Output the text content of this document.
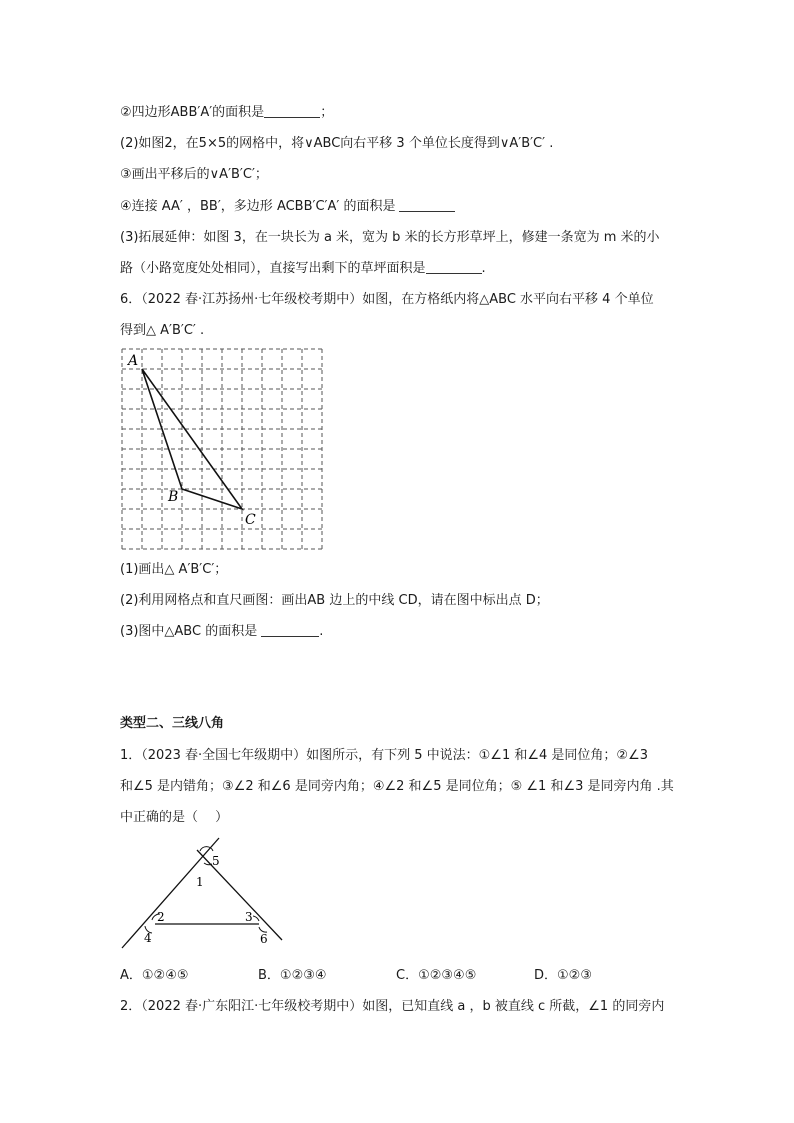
②四边形ABB′A′的面积是	；
(2)如图2，在5×5的网格中，将∨ABC向右平移 3 个单位长度得到∨A′B′C′ .
③画出平移后的∨A′B′C′；
④连接 AA′ ，BB′，多边形 ACBB′C′A′ 的面积是
(3)拓展延伸：如图 3，在一块长为 a 米，宽为 b 米的长方形草坪上，修建一条宽为 m 米的小
路（小路宽度处处相同），直接写出剩下的草坪面积是	.
6．（2022 春·江苏扬州·七年级校考期中）如图，在方格纸内将△ABC 水平向右平移 4 个单位
得到△ A′B′C′ .
A
B
C
(1)画出△ A′B′C′；
(2)利用网格点和直尺画图：画出AB 边上的中线 CD，请在图中标出点 D；
(3)图中△ABC 的面积是	.
类型二、三线八角
1．（2023 春·全国七年级期中）如图所示，有下列 5 中说法：①∠1 和∠4 是同位角；②∠3
和∠5 是内错角；③∠2 和∠6 是同旁内角；④∠2 和∠5 是同位角；⑤ ∠1 和∠3 是同旁内角 .其
中正确的是（　 ）
5
1
2	3
4	6
A．①②④⑤	B．①②③④	C．①②③④⑤	D．①②③
2．（2022 春·广东阳江·七年级校考期中）如图，已知直线 a ，b 被直线 c 所截，∠1 的同旁内
